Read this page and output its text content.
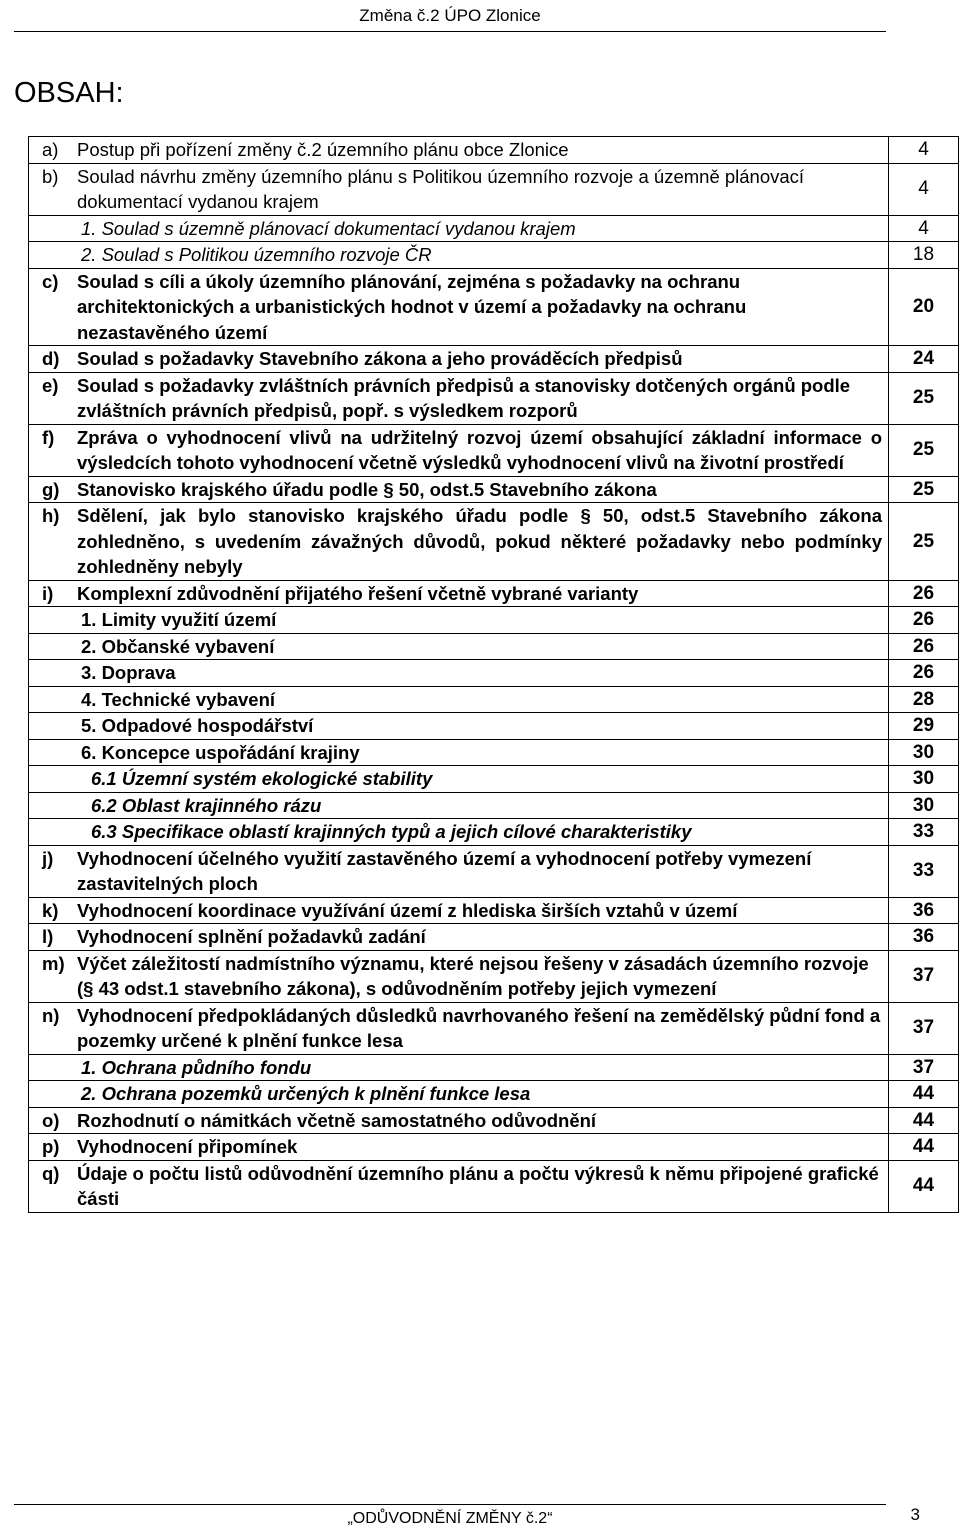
Změna č.2 ÚPO Zlonice
OBSAH:
a) Postup při pořízení změny č.2 územního plánu obce Zlonice	4

b) Soulad návrhu změny územního plánu s Politikou územního rozvoje a územně plánovací dokumentací vydanou krajem	4
1. Soulad s územně plánovací dokumentací vydanou krajem	4
2. Soulad s Politikou územního rozvoje ČR	18

c) Soulad s cíli a úkoly územního plánování, zejména s požadavky na ochranu architektonických a urbanistických hodnot v území a požadavky na ochranu nezastavěného území	20

d) Soulad s požadavky Stavebního zákona a jeho prováděcích předpisů	24

e) Soulad s požadavky zvláštních právních předpisů a stanovisky dotčených orgánů podle zvláštních právních předpisů, popř. s výsledkem rozporů	25

f) Zpráva o vyhodnocení vlivů na udržitelný rozvoj území obsahující základní informace o výsledcích tohoto vyhodnocení včetně výsledků vyhodnocení vlivů na životní prostředí	25

g) Stanovisko krajského úřadu podle § 50, odst.5 Stavebního zákona	25

h) Sdělení, jak bylo stanovisko krajského úřadu podle § 50, odst.5 Stavebního zákona zohledněno, s uvedením závažných důvodů, pokud některé požadavky nebo podmínky zohledněny nebyly	25

i) Komplexní zdůvodnění přijatého řešení včetně vybrané varianty	26
1. Limity využití území	26
2. Občanské vybavení	26
3. Doprava	26
4. Technické vybavení	28
5. Odpadové hospodářství	29
6. Koncepce uspořádání krajiny	30
6.1 Územní systém ekologické stability	30
6.2 Oblast krajinného rázu	30
6.3 Specifikace oblastí krajinných typů a jejich cílové charakteristiky	33

j) Vyhodnocení účelného využití zastavěného území a vyhodnocení potřeby vymezení zastavitelných ploch	33

k) Vyhodnocení koordinace využívání území z hlediska širších vztahů v území	36

l) Vyhodnocení splnění požadavků zadání	36

m) Výčet záležitostí nadmístního významu, které nejsou řešeny v zásadách územního rozvoje (§ 43 odst.1 stavebního zákona), s odůvodněním potřeby jejich vymezení	37

n) Vyhodnocení předpokládaných důsledků navrhovaného řešení na zemědělský půdní fond a pozemky určené k plnění funkce lesa	37
1. Ochrana půdního fondu	37
2. Ochrana pozemků určených k plnění funkce lesa	44

o) Rozhodnutí o námitkách včetně samostatného odůvodnění	44

p) Vyhodnocení připomínek	44

q) Údaje o počtu listů odůvodnění územního plánu a počtu výkresů k němu připojené grafické části	44
„ODŮVODNĚNÍ ZMĚNY č.2“	3
